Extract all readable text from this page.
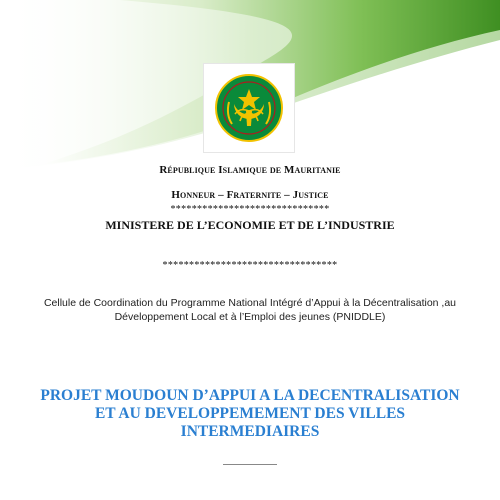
République Islamique de Mauritanie
Honneur – Fraternite – Justice
******************************
MINISTERE DE L’ECONOMIE ET DE L’INDUSTRIE
*********************************
Cellule de Coordination du Programme National Intégré d’Appui à la Décentralisation ,au
Développement Local et à l’Emploi des jeunes (PNIDDLE)
PROJET MOUDOUN D’APPUI A LA DECENTRALISATION
ET AU DEVELOPPEMEMENT DES VILLES
INTERMEDIAIRES
